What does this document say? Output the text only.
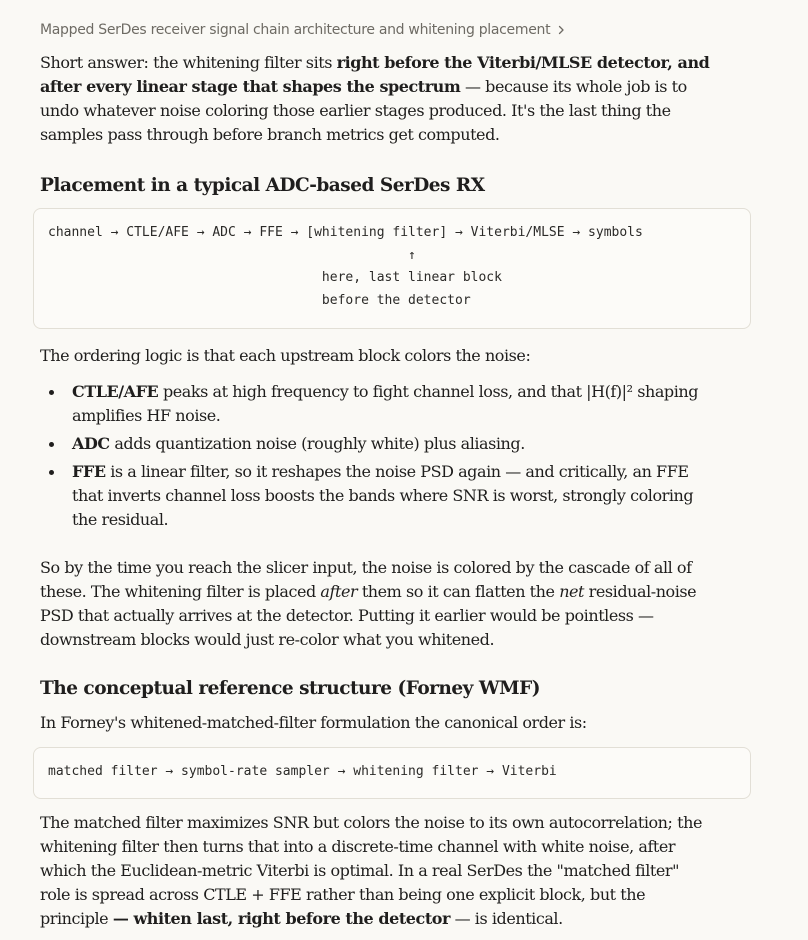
Mapped SerDes receiver signal chain architecture and whitening placement

Short answer: the whitening filter sits right before the Viterbi/MLSE detector, and after every linear stage that shapes the spectrum — because its whole job is to undo whatever noise coloring those earlier stages produced. It's the last thing the samples pass through before branch metrics get computed.

Placement in a typical ADC-based SerDes RX
channel → CTLE/AFE → ADC → FFE → [whitening filter] → Viterbi/MLSE → symbols
↑
here, last linear block
before the detector

The ordering logic is that each upstream block colors the noise:

CTLE/AFE peaks at high frequency to fight channel loss, and that |H(f)|² shaping amplifies HF noise.
ADC adds quantization noise (roughly white) plus aliasing.
FFE is a linear filter, so it reshapes the noise PSD again — and critically, an FFE that inverts channel loss boosts the bands where SNR is worst, strongly coloring the residual.

So by the time you reach the slicer input, the noise is colored by the cascade of all of these. The whitening filter is placed after them so it can flatten the net residual-noise PSD that actually arrives at the detector. Putting it earlier would be pointless — downstream blocks would just re-color what you whitened.

The conceptual reference structure (Forney WMF)

In Forney's whitened-matched-filter formulation the canonical order is:

matched filter → symbol-rate sampler → whitening filter → Viterbi

The matched filter maximizes SNR but colors the noise to its own autocorrelation; the whitening filter then turns that into a discrete-time channel with white noise, after which the Euclidean-metric Viterbi is optimal. In a real SerDes the "matched filter" role is spread across CTLE + FFE rather than being one explicit block, but the principle — whiten last, right before the detector — is identical.
